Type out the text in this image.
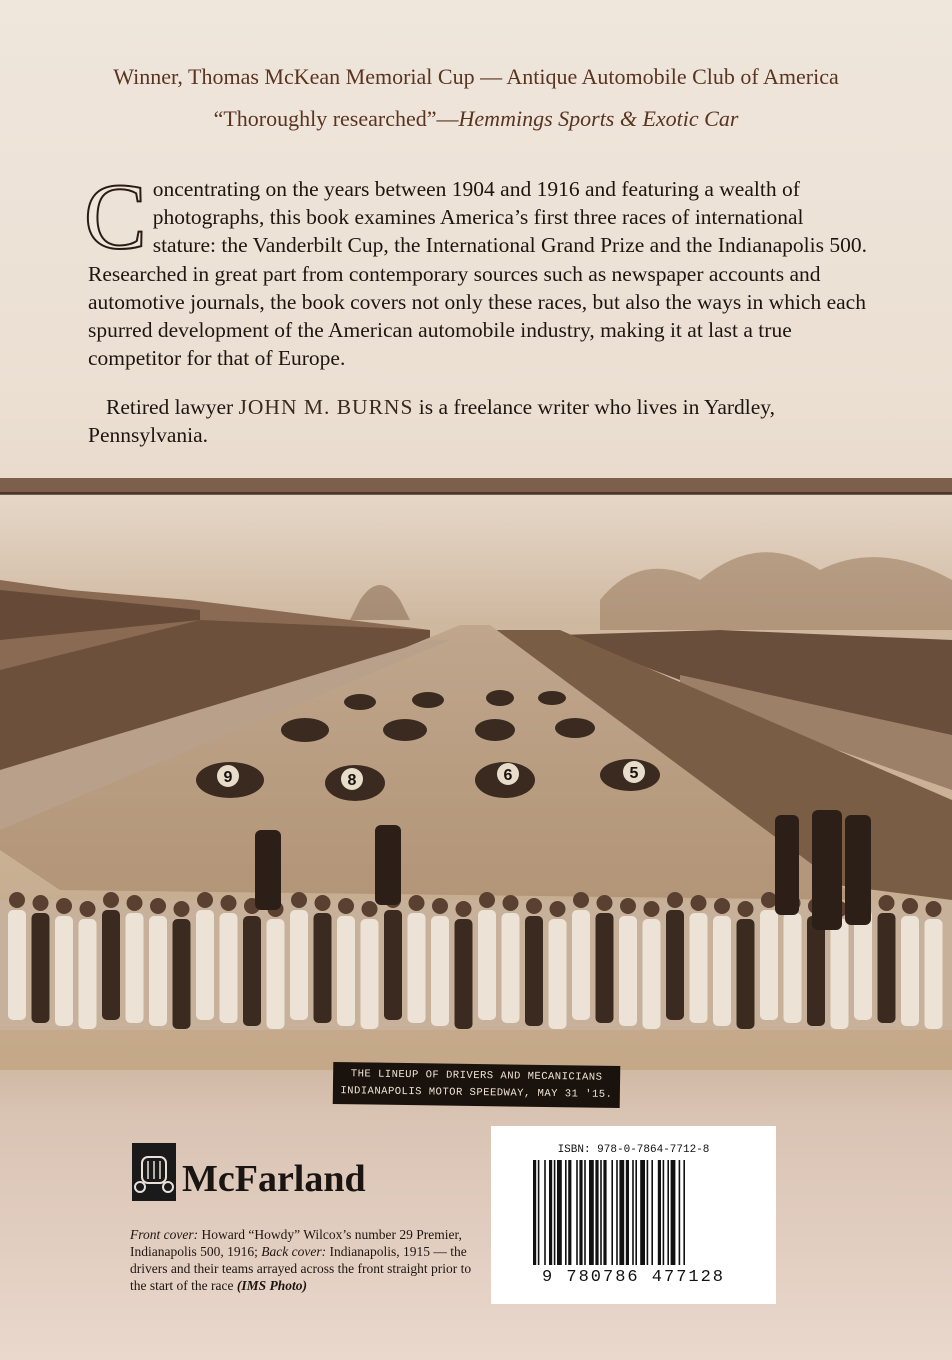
Winner, Thomas McKean Memorial Cup — Antique Automobile Club of America
“Thoroughly researched”—Hemmings Sports & Exotic Car

Concentrating on the years between 1904 and 1916 and featuring a wealth of photographs, this book examines America’s first three races of international stature: the Vanderbilt Cup, the International Grand Prize and the Indianapolis 500. Researched in great part from contemporary sources such as newspaper accounts and automotive journals, the book covers not only these races, but also the ways in which each spurred development of the American automobile industry, making it at last a true competitor for that of Europe.

Retired lawyer JOHN M. BURNS is a freelance writer who lives in Yardley, Pennsylvania.

9	8	6	5
THE LINEUP OF DRIVERS AND MECANICIANS
INDIANAPOLIS MOTOR SPEEDWAY, MAY 31 '15.
McFarland
Front cover: Howard “Howdy” Wilcox’s number 29 Premier, Indianapolis 500, 1916; Back cover: Indianapolis, 1915 — the drivers and their teams arrayed across the front straight prior to the start of the race (IMS Photo)
ISBN: 978-0-7864-7712-8
9 780786 477128
